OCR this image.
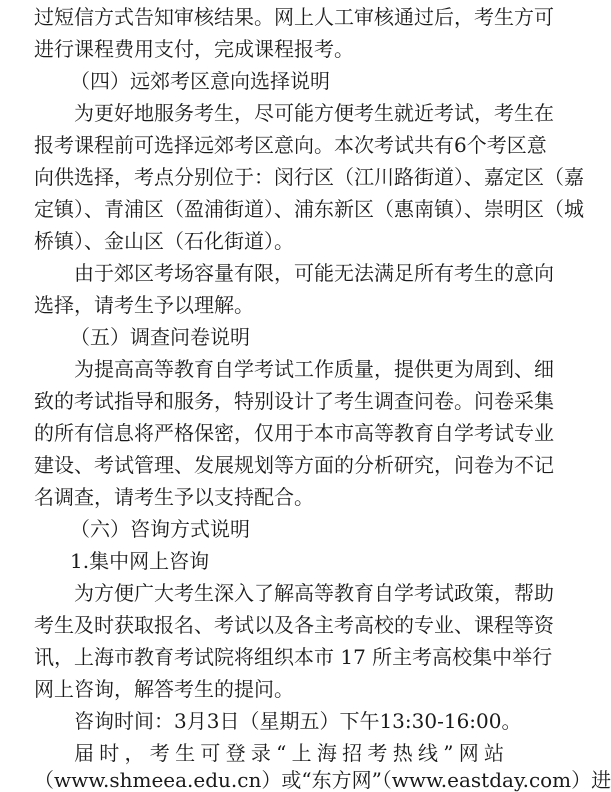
过短信方式告知审核结果。网上人工审核通过后，考生方可
进行课程费用支付，完成课程报考。
（四）远郊考区意向选择说明
为更好地服务考生，尽可能方便考生就近考试，考生在
报考课程前可选择远郊考区意向。本次考试共有6个考区意
向供选择，考点分别位于：闵行区（江川路街道）、嘉定区（嘉
定镇）、青浦区（盈浦街道）、浦东新区（惠南镇）、崇明区（城
桥镇）、金山区（石化街道）。
由于郊区考场容量有限，可能无法满足所有考生的意向
选择，请考生予以理解。
（五）调查问卷说明
为提高高等教育自学考试工作质量，提供更为周到、细
致的考试指导和服务，特别设计了考生调查问卷。问卷采集
的所有信息将严格保密，仅用于本市高等教育自学考试专业
建设、考试管理、发展规划等方面的分析研究，问卷为不记
名调查，请考生予以支持配合。
（六）咨询方式说明
1.集中网上咨询
为方便广大考生深入了解高等教育自学考试政策，帮助
考生及时获取报名、考试以及各主考高校的专业、课程等资
讯，上海市教育考试院将组织本市 17 所主考高校集中举行
网上咨询，解答考生的提问。
咨询时间：3月3日（星期五）下午13:30-16:00。
届时，考生可登录“上海招考热线”网站
（www.shmeea.edu.cn）或“东方网”（www.eastday.com）进
